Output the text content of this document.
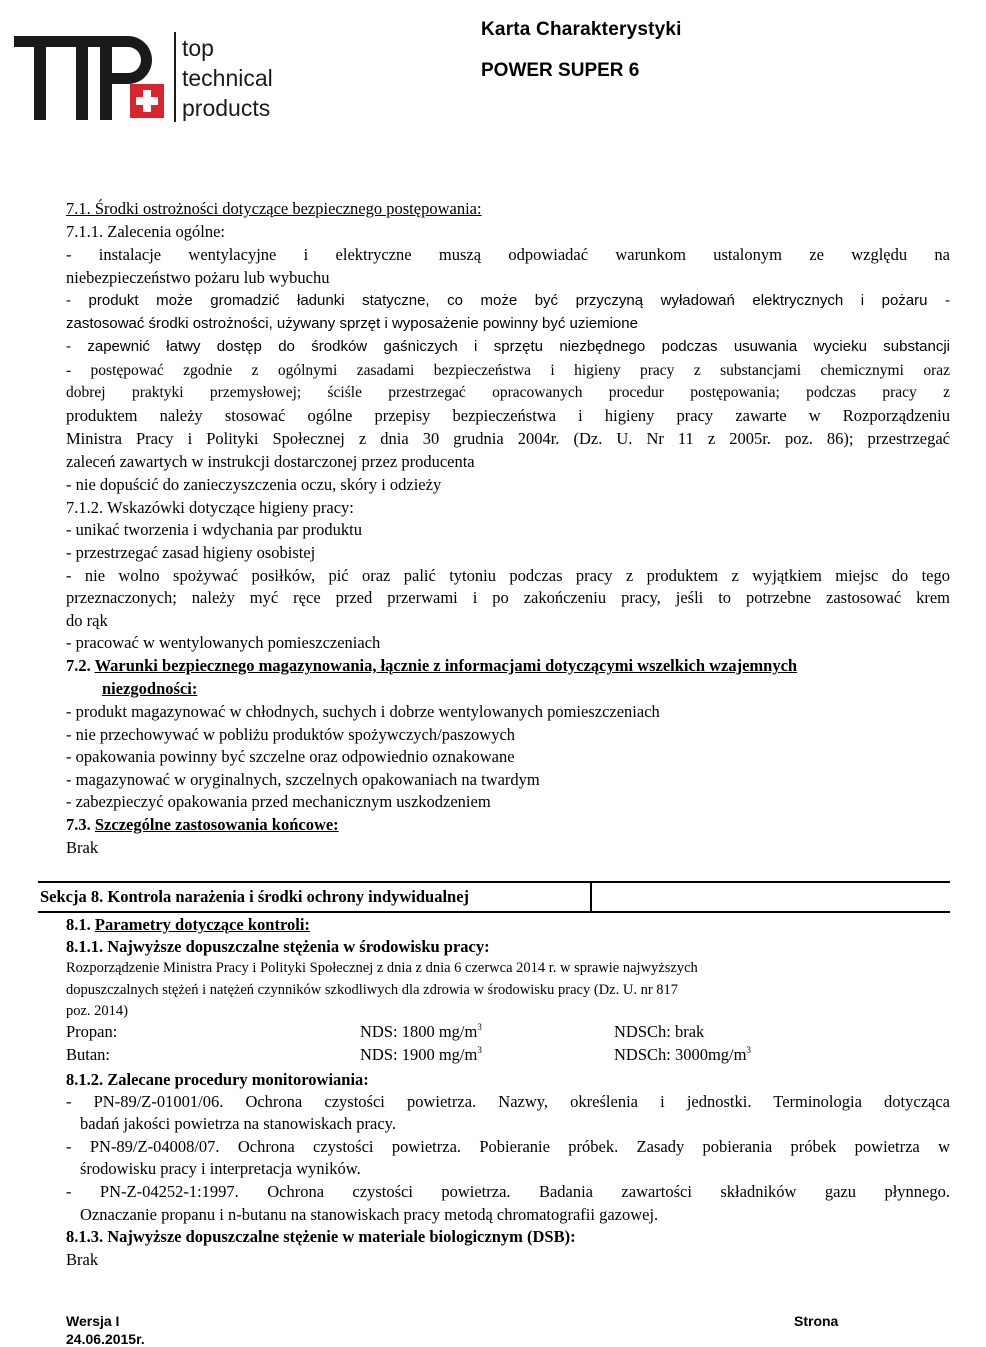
top
technical
products
Karta Charakterystyki
POWER SUPER 6
7.1. Środki ostrożności dotyczące bezpiecznego postępowania:
7.1.1. Zalecenia ogólne:
- instalacje wentylacyjne i elektryczne muszą odpowiadać warunkom ustalonym ze względu na
niebezpieczeństwo pożaru lub wybuchu
- produkt może gromadzić ładunki statyczne, co może być przyczyną wyładowań elektrycznych i pożaru -
zastosować środki ostrożności, używany sprzęt i wyposażenie powinny być uziemione
- zapewnić łatwy dostęp do środków gaśniczych i sprzętu niezbędnego podczas usuwania wycieku substancji
- postępować zgodnie z ogólnymi zasadami bezpieczeństwa i higieny pracy z substancjami chemicznymi oraz
dobrej praktyki przemysłowej; ściśle przestrzegać opracowanych procedur postępowania; podczas pracy z
produktem należy stosować ogólne przepisy bezpieczeństwa i higieny pracy zawarte w Rozporządzeniu
Ministra Pracy i Polityki Społecznej z dnia 30 grudnia 2004r. (Dz. U. Nr 11 z 2005r. poz. 86); przestrzegać
zaleceń zawartych w instrukcji dostarczonej przez producenta
- nie dopuścić do zanieczyszczenia oczu, skóry i odzieży
7.1.2. Wskazówki dotyczące higieny pracy:
- unikać tworzenia i wdychania par produktu
- przestrzegać zasad higieny osobistej
- nie wolno spożywać posiłków, pić oraz palić tytoniu podczas pracy z produktem z wyjątkiem miejsc do tego
przeznaczonych; należy myć ręce przed przerwami i po zakończeniu pracy, jeśli to potrzebne zastosować krem
do rąk
- pracować w wentylowanych pomieszczeniach
7.2. Warunki bezpiecznego magazynowania, łącznie z informacjami dotyczącymi wszelkich wzajemnych
niezgodności:
- produkt magazynować w chłodnych, suchych i dobrze wentylowanych pomieszczeniach
- nie przechowywać w pobliżu produktów spożywczych/paszowych
- opakowania powinny być szczelne oraz odpowiednio oznakowane
- magazynować w oryginalnych, szczelnych opakowaniach na twardym
- zabezpieczyć opakowania przed mechanicznym uszkodzeniem
7.3. Szczególne zastosowania końcowe:
Brak
Sekcja 8. Kontrola narażenia i środki ochrony indywidualnej
8.1. Parametry dotyczące kontroli:
8.1.1. Najwyższe dopuszczalne stężenia w środowisku pracy:
Rozporządzenie Ministra Pracy i Polityki Społecznej z dnia z dnia 6 czerwca 2014 r. w sprawie najwyższych
dopuszczalnych stężeń i natężeń czynników szkodliwych dla zdrowia w środowisku pracy (Dz. U. nr 817
poz. 2014)
Propan:	NDS: 1800 $mg/m^3$	NDSCh: brak
Butan:	NDS: 1900 $mg/m^3$	NDSCh: $3000mg/m^3$
8.1.2. Zalecane procedury monitorowiania:
- PN-89/Z-01001/06. Ochrona czystości powietrza. Nazwy, określenia i jednostki. Terminologia dotycząca
badań jakości powietrza na stanowiskach pracy.
- PN-89/Z-04008/07. Ochrona czystości powietrza. Pobieranie próbek. Zasady pobierania próbek powietrza w
środowisku pracy i interpretacja wyników.
- PN-Z-04252-1:1997. Ochrona czystości powietrza. Badania zawartości składników gazu płynnego.
Oznaczanie propanu i n-butanu na stanowiskach pracy metodą chromatografii gazowej.
8.1.3. Najwyższe dopuszczalne stężenie w materiale biologicznym (DSB):
Brak
Wersja I
24.06.2015r.
Strona
